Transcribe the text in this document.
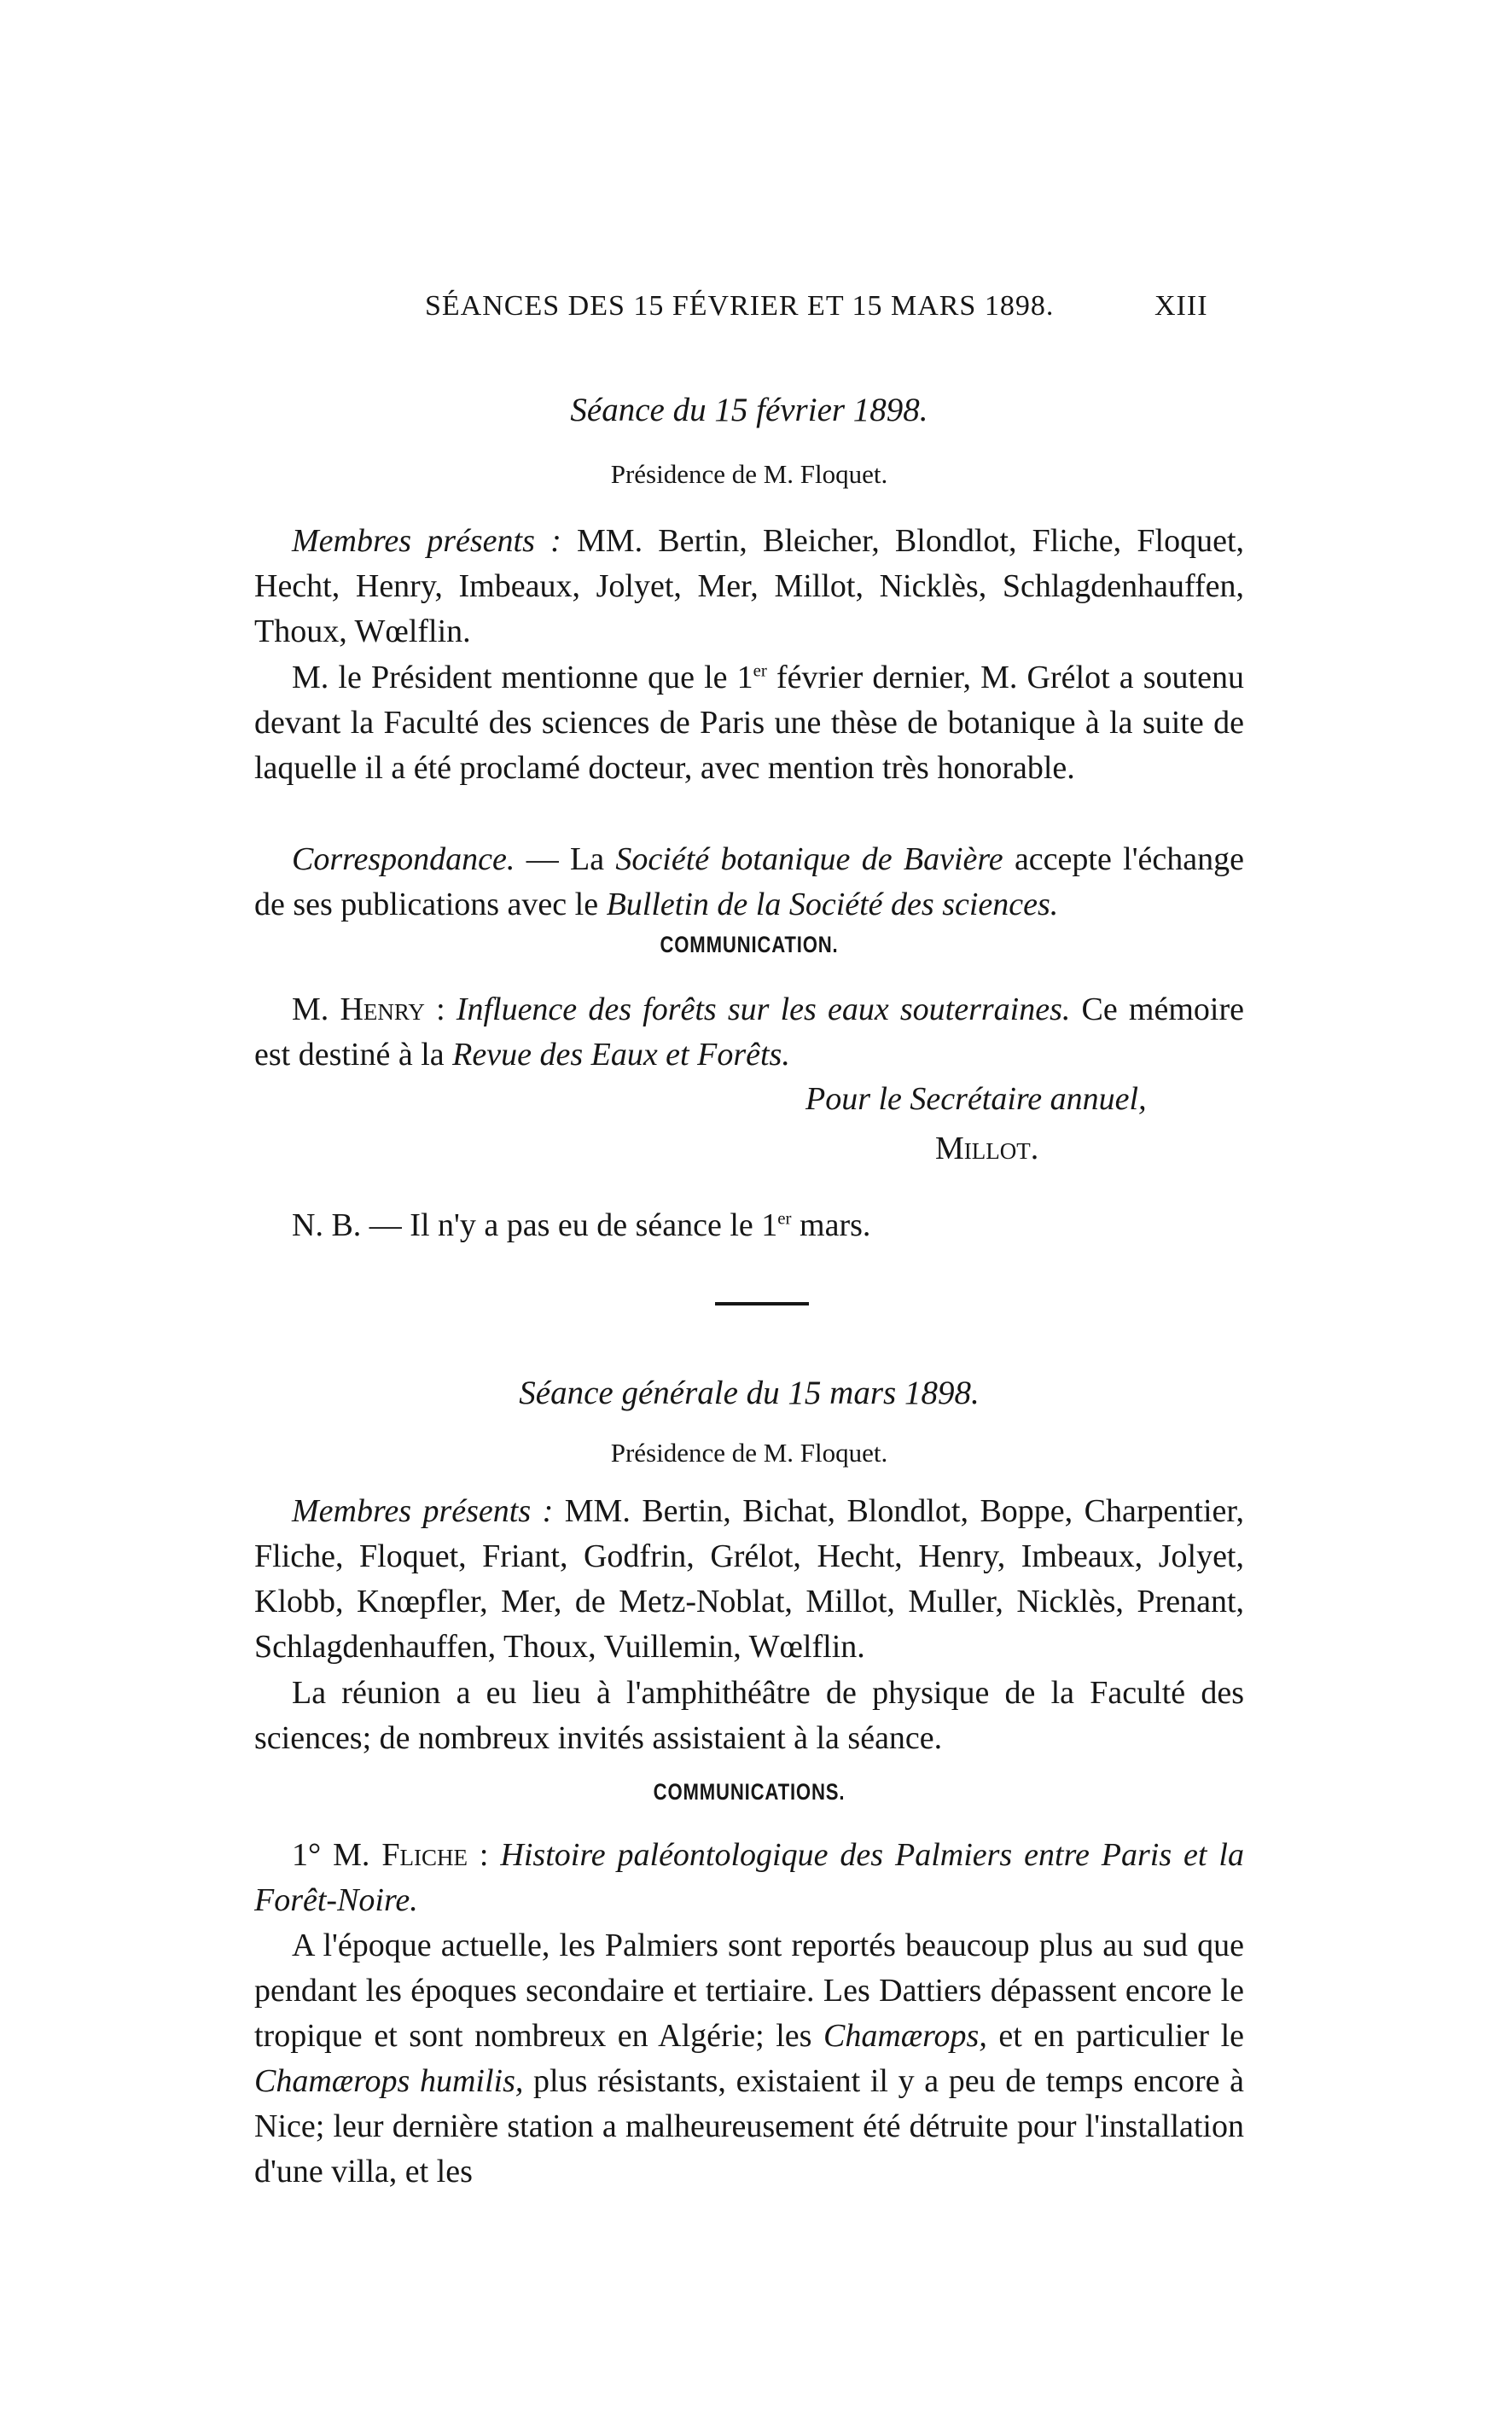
SÉANCES DES 15 FÉVRIER ET 15 MARS 1898.	XIII
Séance du 15 février 1898.
Présidence de M. Floquet.
Membres présents : MM. Bertin, Bleicher, Blondlot, Fliche, Floquet, Hecht, Henry, Imbeaux, Jolyet, Mer, Millot, Nicklès, Schlagdenhauffen, Thoux, Wœlflin.
M. le Président mentionne que le 1er février dernier, M. Grélot a soutenu devant la Faculté des sciences de Paris une thèse de botanique à la suite de laquelle il a été proclamé docteur, avec mention très honorable.
Correspondance. — La Société botanique de Bavière accepte l'échange de ses publications avec le Bulletin de la Société des sciences.
COMMUNICATION.
M. Henry : Influence des forêts sur les eaux souterraines. Ce mémoire est destiné à la Revue des Eaux et Forêts.
Pour le Secrétaire annuel,
Millot.
N. B. — Il n'y a pas eu de séance le 1er mars.
Séance générale du 15 mars 1898.
Présidence de M. Floquet.
Membres présents : MM. Bertin, Bichat, Blondlot, Boppe, Charpentier, Fliche, Floquet, Friant, Godfrin, Grélot, Hecht, Henry, Imbeaux, Jolyet, Klobb, Knœpfler, Mer, de Metz-Noblat, Millot, Muller, Nicklès, Prenant, Schlagdenhauffen, Thoux, Vuillemin, Wœlflin.
La réunion a eu lieu à l'amphithéâtre de physique de la Faculté des sciences; de nombreux invités assistaient à la séance.
COMMUNICATIONS.
1° M. Fliche : Histoire paléontologique des Palmiers entre Paris et la Forêt-Noire.
A l'époque actuelle, les Palmiers sont reportés beaucoup plus au sud que pendant les époques secondaire et tertiaire. Les Dattiers dépassent encore le tropique et sont nombreux en Algérie; les Chamærops, et en particulier le Chamærops humilis, plus résistants, existaient il y a peu de temps encore à Nice; leur dernière station a malheureusement été détruite pour l'installation d'une villa, et les
